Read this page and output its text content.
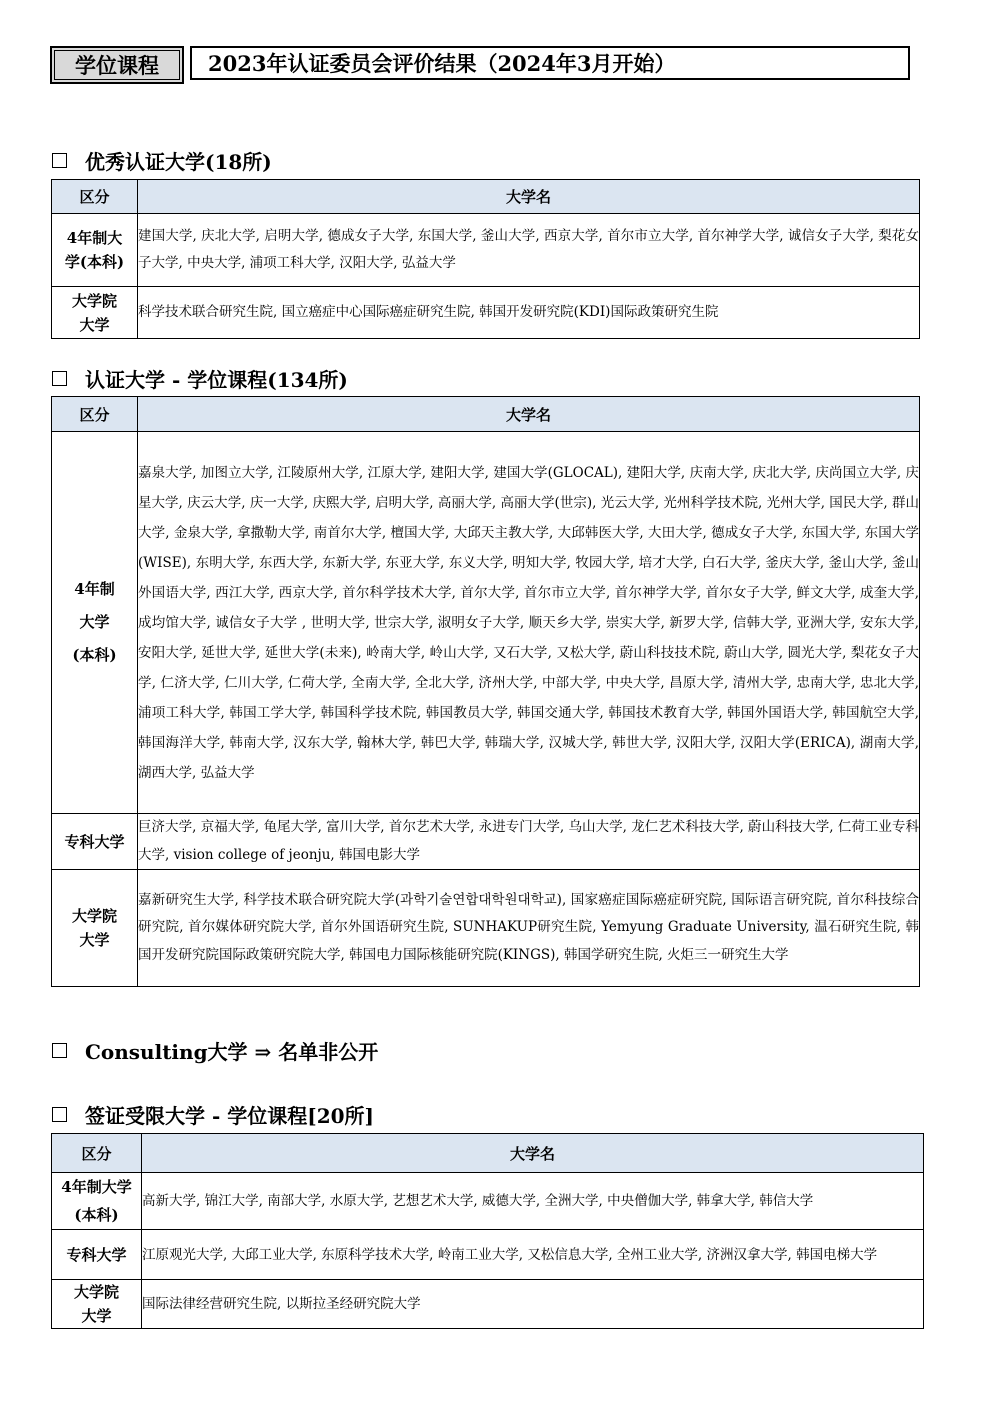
学位课程	2023年认证委员会评价结果（2024年3月开始）
优秀认证大学(18所)
区分	大学名
4年制大学(本科)	建国大学, 庆北大学, 启明大学, 德成女子大学, 东国大学, 釜山大学, 西京大学, 首尔市立大学, 首尔神学大学, 诚信女子大学, 梨花女子大学, 中央大学, 浦项工科大学, 汉阳大学, 弘益大学
大学院大学	科学技术联合研究生院, 国立癌症中心国际癌症研究生院, 韩国开发研究院(KDI)国际政策研究生院
认证大学 - 学位课程(134所)
区分	大学名
4年制大学(本科)	嘉泉大学, 加图立大学, 江陵原州大学, 江原大学, 建阳大学, 建国大学(GLOCAL), 建阳大学, 庆南大学, 庆北大学, 庆尚国立大学, 庆星大学, 庆云大学, 庆一大学, 庆熙大学, 启明大学, 高丽大学, 高丽大学(世宗), 光云大学, 光州科学技术院, 光州大学, 国民大学, 群山大学, 金泉大学, 拿撒勒大学, 南首尔大学, 檀国大学, 大邱天主教大学, 大邱韩医大学, 大田大学, 德成女子大学, 东国大学, 东国大学(WISE), 东明大学, 东西大学, 东新大学, 东亚大学, 东义大学, 明知大学, 牧园大学, 培才大学, 白石大学, 釜庆大学, 釜山大学, 釜山外国语大学, 西江大学, 西京大学, 首尔科学技术大学, 首尔大学, 首尔市立大学, 首尔神学大学, 首尔女子大学, 鲜文大学, 成奎大学, 成均馆大学, 诚信女子大学 , 世明大学, 世宗大学, 淑明女子大学, 顺天乡大学, 崇实大学, 新罗大学, 信韩大学, 亚洲大学, 安东大学, 安阳大学, 延世大学, 延世大学(未来), 岭南大学, 岭山大学, 又石大学, 又松大学, 蔚山科技技术院, 蔚山大学, 圆光大学, 梨花女子大学, 仁济大学, 仁川大学, 仁荷大学, 全南大学, 全北大学, 济州大学, 中部大学, 中央大学, 昌原大学, 清州大学, 忠南大学, 忠北大学, 浦项工科大学, 韩国工学大学, 韩国科学技术院, 韩国教员大学, 韩国交通大学, 韩国技术教育大学, 韩国外国语大学, 韩国航空大学, 韩国海洋大学, 韩南大学, 汉东大学, 翰林大学, 韩巴大学, 韩瑞大学, 汉城大学, 韩世大学, 汉阳大学, 汉阳大学(ERICA), 湖南大学, 湖西大学, 弘益大学
专科大学	巨济大学, 京福大学, 龟尾大学, 富川大学, 首尔艺术大学, 永进专门大学, 乌山大学, 龙仁艺术科技大学, 蔚山科技大学, 仁荷工业专科大学, vision college of jeonju, 韩国电影大学
大学院大学	嘉新研究生大学, 科学技术联合研究院大学(과학기술연합대학원대학교), 国家癌症国际癌症研究院, 国际语言研究院, 首尔科技综合研究院, 首尔媒体研究院大学, 首尔外国语研究生院, SUNHAKUP研究生院, Yemyung Graduate University, 温石研究生院, 韩国开发研究院国际政策研究院大学, 韩国电力国际核能研究院(KINGS), 韩国学研究生院, 火炬三一研究生大学
Consulting大学 ⇒ 名单非公开
签证受限大学 - 学位课程[20所]
区分	大学名
4年制大学(本科)	高新大学, 锦江大学, 南部大学, 水原大学, 艺想艺术大学, 威德大学, 全洲大学, 中央僧伽大学, 韩拿大学, 韩信大学
专科大学	江原观光大学, 大邱工业大学, 东原科学技术大学, 岭南工业大学, 又松信息大学, 全州工业大学, 济洲汉拿大学, 韩国电梯大学
大学院大学	国际法律经营研究生院, 以斯拉圣经研究院大学
